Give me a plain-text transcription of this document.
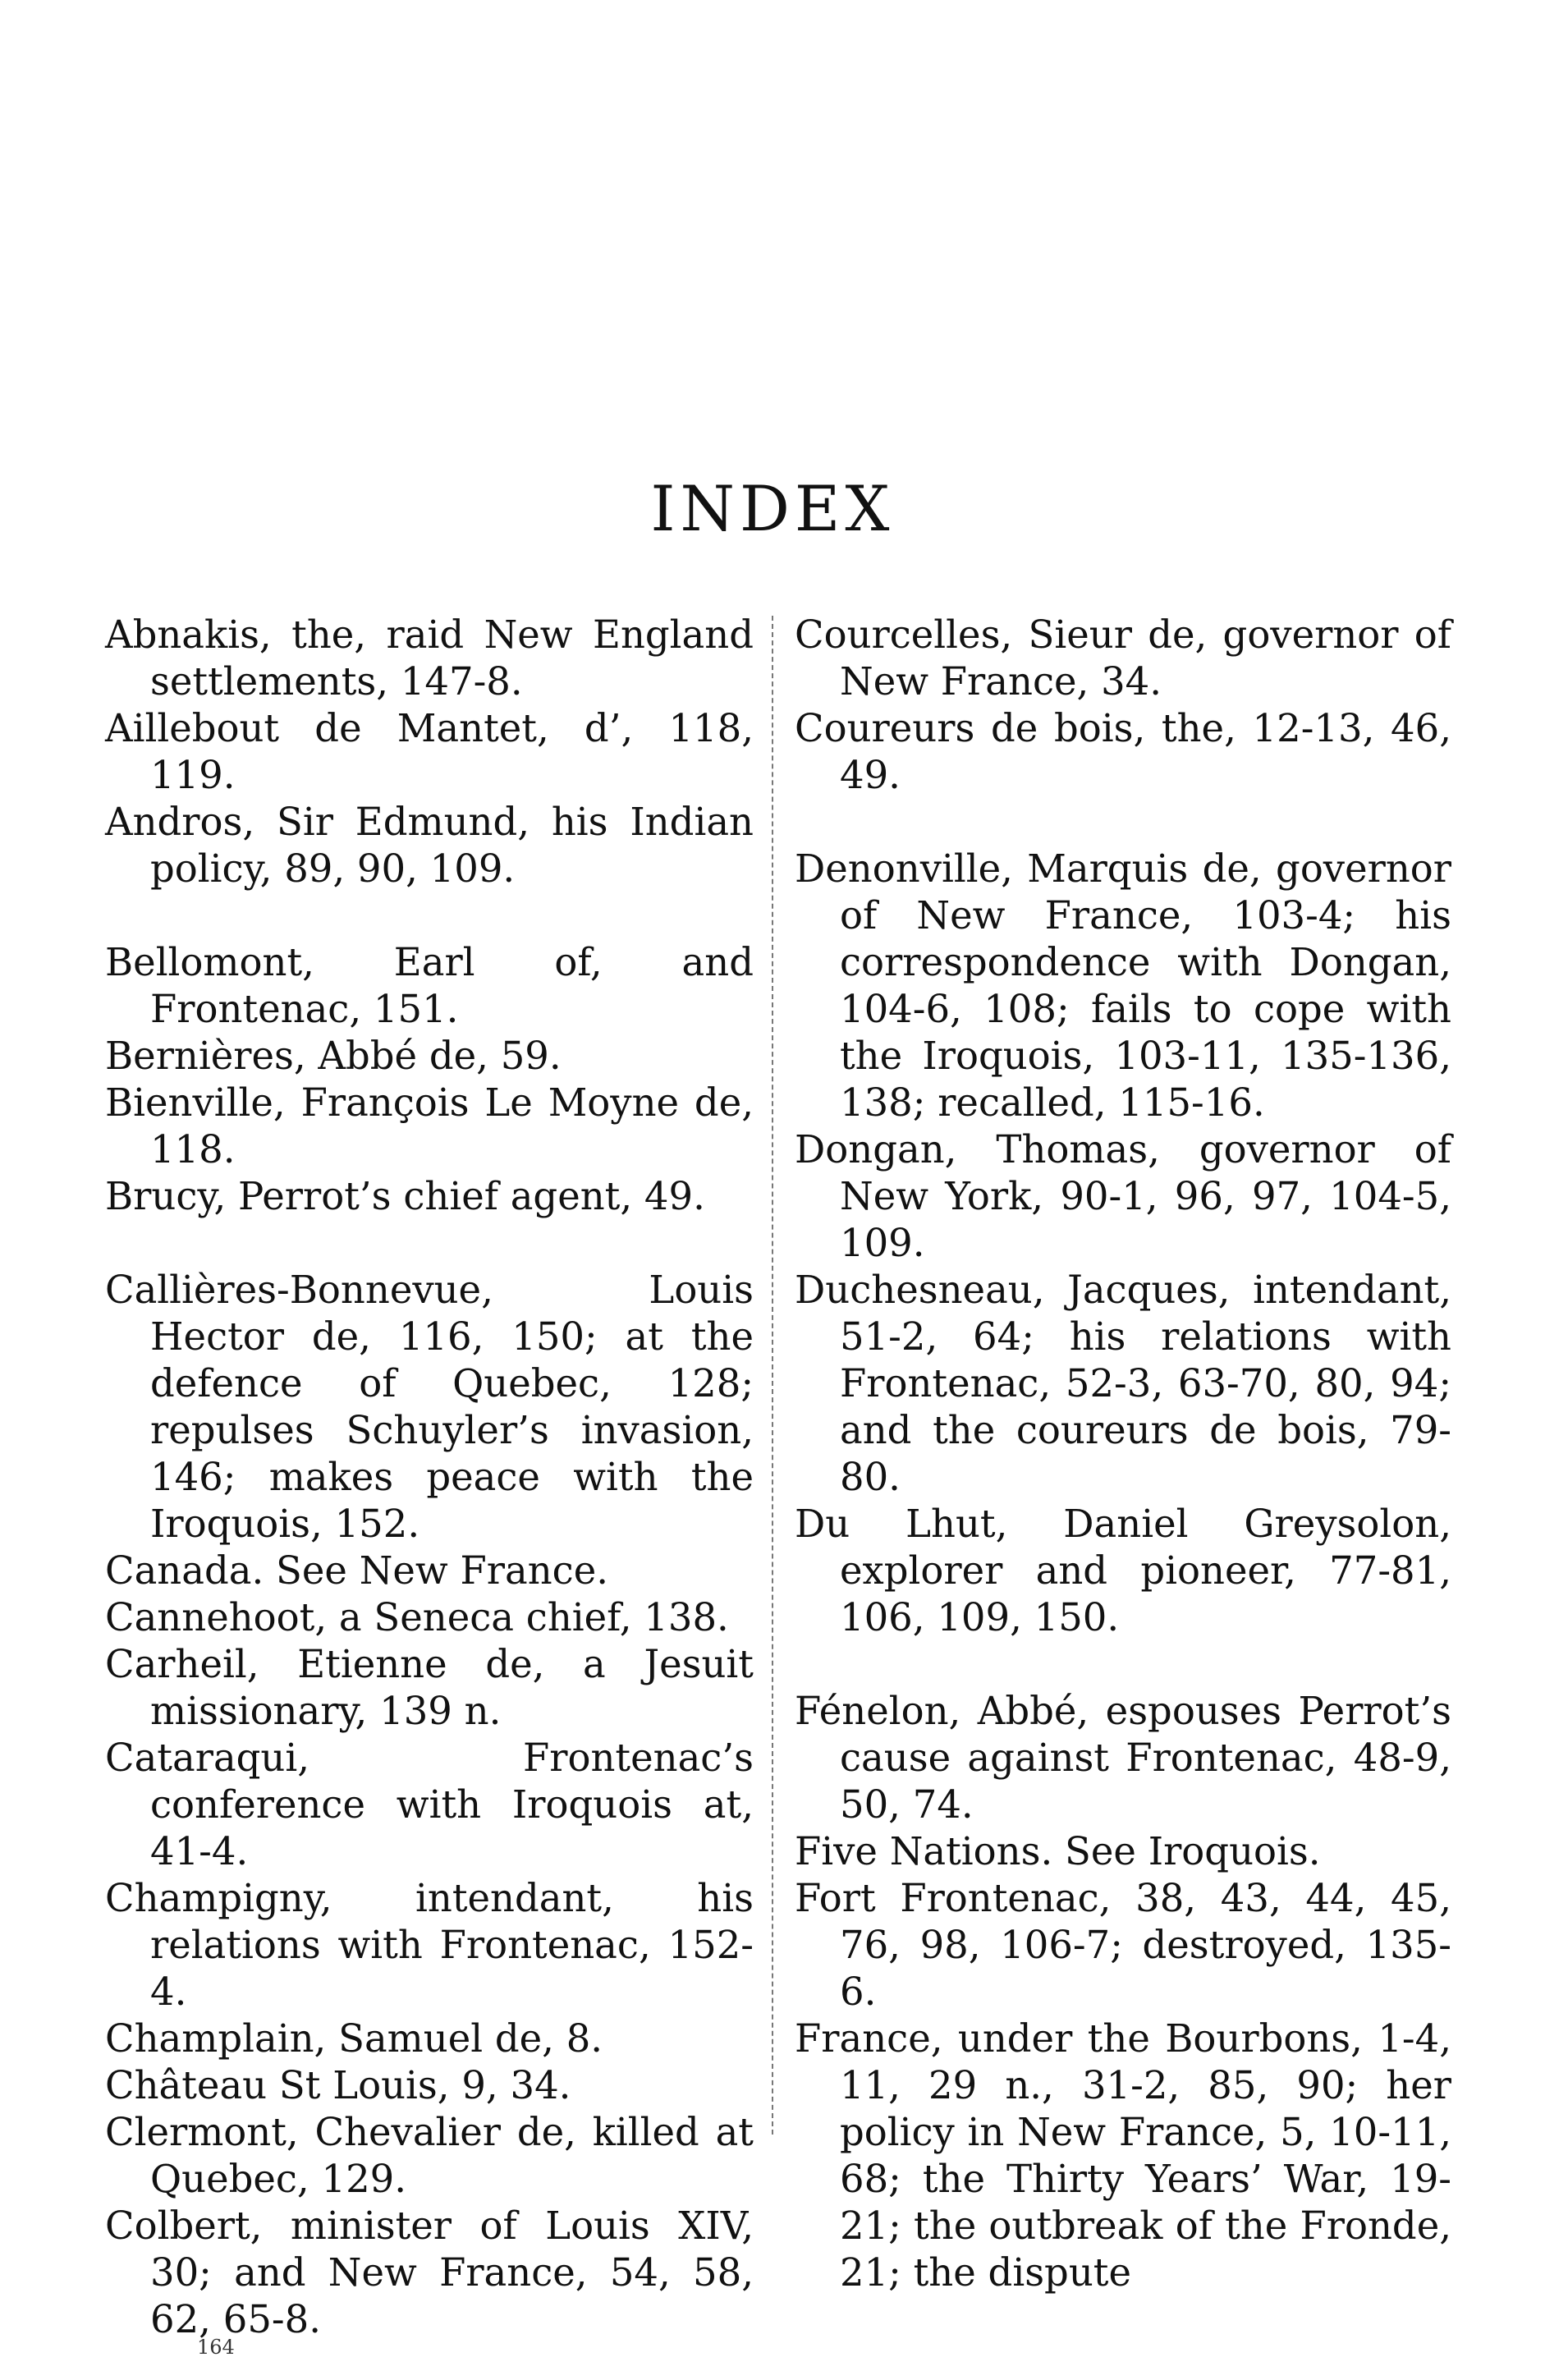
INDEX

Abnakis, the, raid New England settlements, 147-8.

Aillebout de Mantet, d’, 118, 119.

Andros, Sir Edmund, his Indian policy, 89, 90, 109.

Bellomont, Earl of, and Frontenac, 151.

Bernières, Abbé de, 59.

Bienville, François Le Moyne de, 118.

Brucy, Perrot’s chief agent, 49.

Callières-Bonnevue, Louis Hector de, 116, 150; at the defence of Quebec, 128; repulses Schuyler’s invasion, 146; makes peace with the Iroquois, 152.

Canada. See New France.

Cannehoot, a Seneca chief, 138.

Carheil, Etienne de, a Jesuit missionary, 139 n.

Cataraqui, Frontenac’s conference with Iroquois at, 41-4.

Champigny, intendant, his relations with Frontenac, 152-4.

Champlain, Samuel de, 8.

Château St Louis, 9, 34.

Clermont, Chevalier de, killed at Quebec, 129.

Colbert, minister of Louis XIV, 30; and New France, 54, 58, 62, 65-8.

Courcelles, Sieur de, governor of New France, 34.

Coureurs de bois, the, 12-13, 46, 49.

Denonville, Marquis de, governor of New France, 103-4; his correspondence with Dongan, 104-6, 108; fails to cope with the Iroquois, 103-11, 135-136, 138; recalled, 115-16.

Dongan, Thomas, governor of New York, 90-1, 96, 97, 104-5, 109.

Duchesneau, Jacques, intendant, 51-2, 64; his relations with Frontenac, 52-3, 63-70, 80, 94; and the coureurs de bois, 79-80.

Du Lhut, Daniel Greysolon, explorer and pioneer, 77-81, 106, 109, 150.

Fénelon, Abbé, espouses Perrot’s cause against Frontenac, 48-9, 50, 74.

Five Nations. See Iroquois.

Fort Frontenac, 38, 43, 44, 45, 76, 98, 106-7; destroyed, 135-6.

France, under the Bourbons, 1-4, 11, 29 n., 31-2, 85, 90; her policy in New France, 5, 10-11, 68; the Thirty Years’ War, 19-21; the outbreak of the Fronde, 21; the dispute

164
